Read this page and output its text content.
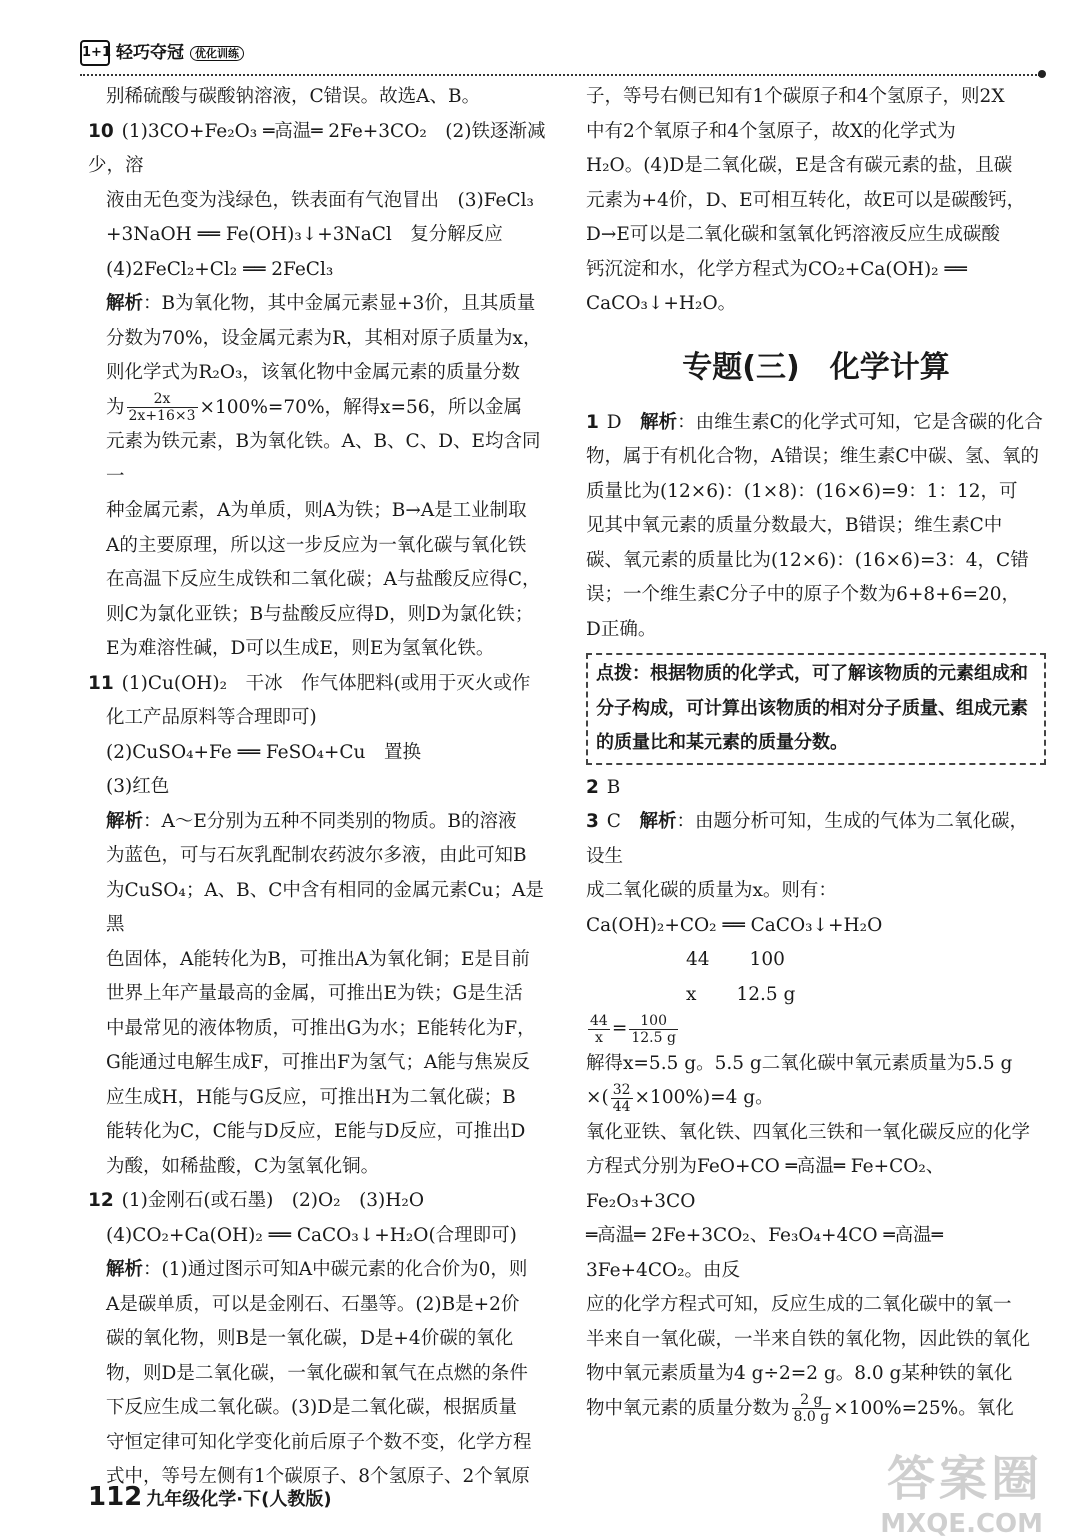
1+1 轻巧夺冠 优化训练

别稀硫酸与碳酸钠溶液，C错误。故选A、B。

10 (1)3CO+Fe₂O₃ ═高温═ 2Fe+3CO₂　(2)铁逐渐减少，溶

液由无色变为浅绿色，铁表面有气泡冒出　(3)FeCl₃

+3NaOH ══ Fe(OH)₃↓+3NaCl　复分解反应

(4)2FeCl₂+Cl₂ ══ 2FeCl₃

解析：B为氧化物，其中金属元素显+3价，且其质量

分数为70%，设金属元素为R，其相对原子质量为x，

则化学式为R₂O₃，该氧化物中金属元素的质量分数

为 $\frac{2x}{2x+16\times 3} \times 100\%=70\%$，解得x=56，所以金属

元素为铁元素，B为氧化铁。A、B、C、D、E均含同一

种金属元素，A为单质，则A为铁；B→A是工业制取

A的主要原理，所以这一步反应为一氧化碳与氧化铁

在高温下反应生成铁和二氧化碳；A与盐酸反应得C，

则C为氯化亚铁；B与盐酸反应得D，则D为氯化铁；

E为难溶性碱，D可以生成E，则E为氢氧化铁。

11 (1)Cu(OH)₂　干冰　作气体肥料(或用于灭火或作

化工产品原料等合理即可)

(2)CuSO₄+Fe ══ FeSO₄+Cu　置换

(3)红色

解析：A～E分别为五种不同类别的物质。B的溶液

为蓝色，可与石灰乳配制农药波尔多液，由此可知B

为CuSO₄；A、B、C中含有相同的金属元素Cu；A是黑

色固体，A能转化为B，可推出A为氧化铜；E是目前

世界上年产量最高的金属，可推出E为铁；G是生活

中最常见的液体物质，可推出G为水；E能转化为F，

G能通过电解生成F，可推出F为氢气；A能与焦炭反

应生成H，H能与G反应，可推出H为二氧化碳；B

能转化为C，C能与D反应，E能与D反应，可推出D

为酸，如稀盐酸，C为氢氧化铜。

12 (1)金刚石(或石墨)　(2)O₂　(3)H₂O

(4)CO₂+Ca(OH)₂ ══ CaCO₃↓+H₂O(合理即可)

解析：(1)通过图示可知A中碳元素的化合价为0，则

A是碳单质，可以是金刚石、石墨等。(2)B是+2价

碳的氧化物，则B是一氧化碳，D是+4价碳的氧化

物，则D是二氧化碳，一氧化碳和氧气在点燃的条件

下反应生成二氧化碳。(3)D是二氧化碳，根据质量

守恒定律可知化学变化前后原子个数不变，化学方程

式中，等号左侧有1个碳原子、8个氢原子、2个氧原

子，等号右侧已知有1个碳原子和4个氢原子，则2X

中有2个氧原子和4个氢原子，故X的化学式为

H₂O。(4)D是二氧化碳，E是含有碳元素的盐，且碳

元素为+4价，D、E可相互转化，故E可以是碳酸钙，

D→E可以是二氧化碳和氢氧化钙溶液反应生成碳酸

钙沉淀和水，化学方程式为CO₂+Ca(OH)₂ ══

CaCO₃↓+H₂O。

专题(三)　化学计算

1 D　 解析：由维生素C的化学式可知，它是含碳的化合

物，属于有机化合物，A错误；维生素C中碳、氢、氧的

质量比为(12×6)：(1×8)：(16×6)=9：1：12，可

见其中氧元素的质量分数最大，B错误；维生素C中

碳、氧元素的质量比为(12×6)：(16×6)=3：4，C错

误；一个维生素C分子中的原子个数为6+8+6=20，

D正确。

点拨：根据物质的化学式，可了解该物质的元素组成和分子构成，可计算出该物质的相对分子质量、组成元素的质量比和某元素的质量分数。

2 B

3 C　 解析：由题分析可知，生成的气体为二氧化碳，设生

成二氧化碳的质量为x。则有：

Ca(OH)₂+CO₂ ══ CaCO₃↓+H₂O

44 100
x 12.5 g

$\frac{44}{x} = \frac{100}{12.5 g}$

解得x=5.5 g。5.5 g二氧化碳中氧元素质量为5.5 g

×( $\frac{32}{44} \times 100\%)=4$ g。

氧化亚铁、氧化铁、四氧化三铁和一氧化碳反应的化学

方程式分别为FeO+CO ═高温═ Fe+CO₂、Fe₂O₃+3CO

═高温═ 2Fe+3CO₂、Fe₃O₄+4CO ═高温═ 3Fe+4CO₂。由反

应的化学方程式可知，反应生成的二氧化碳中的氧一

半来自一氧化碳，一半来自铁的氧化物，因此铁的氧化

物中氧元素质量为4 g÷2=2 g。8.0 g某种铁的氧化

物中氧元素的质量分数为 $\frac{2 g}{8.0 g} \times 100\%=25\%$。氧化

112 九年级化学·下(人教版)	答案圈
MXQE.COM
